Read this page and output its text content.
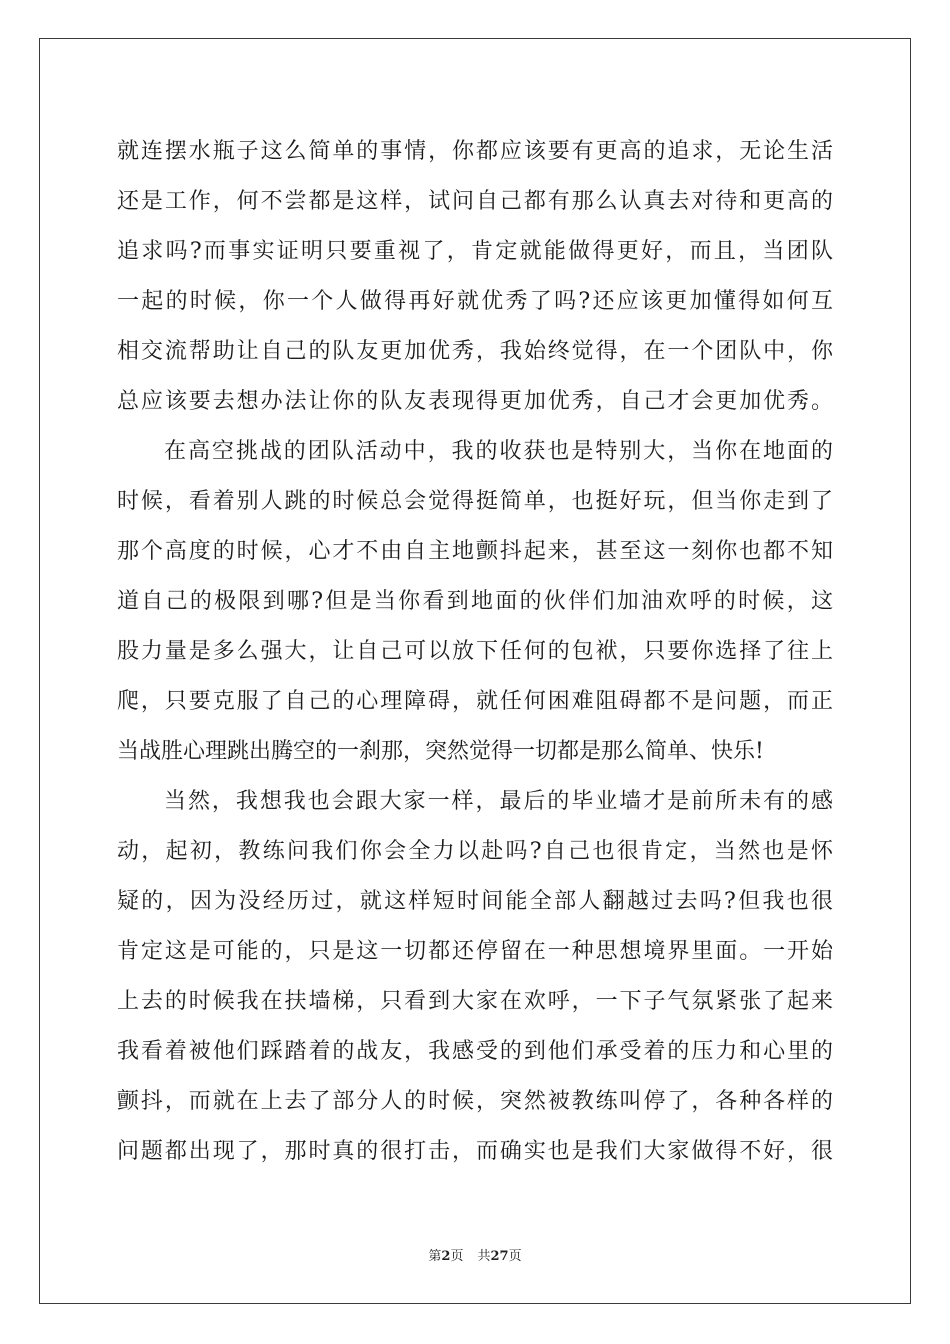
就连摆水瓶子这么简单的事情，你都应该要有更高的追求，无论生活
还是工作，何不尝都是这样，试问自己都有那么认真去对待和更高的
追求吗?而事实证明只要重视了，肯定就能做得更好，而且，当团队
一起的时候，你一个人做得再好就优秀了吗?还应该更加懂得如何互
相交流帮助让自己的队友更加优秀，我始终觉得，在一个团队中，你
总应该要去想办法让你的队友表现得更加优秀，自己才会更加优秀。
在高空挑战的团队活动中，我的收获也是特别大，当你在地面的
时候，看着别人跳的时候总会觉得挺简单，也挺好玩，但当你走到了
那个高度的时候，心才不由自主地颤抖起来，甚至这一刻你也都不知
道自己的极限到哪?但是当你看到地面的伙伴们加油欢呼的时候，这
股力量是多么强大，让自己可以放下任何的包袱，只要你选择了往上
爬，只要克服了自己的心理障碍，就任何困难阻碍都不是问题，而正
当战胜心理跳出腾空的一刹那，突然觉得一切都是那么简单、快乐!
当然，我想我也会跟大家一样，最后的毕业墙才是前所未有的感
动，起初，教练问我们你会全力以赴吗?自己也很肯定，当然也是怀
疑的，因为没经历过，就这样短时间能全部人翻越过去吗?但我也很
肯定这是可能的，只是这一切都还停留在一种思想境界里面。一开始
上去的时候我在扶墙梯，只看到大家在欢呼，一下子气氛紧张了起来
我看着被他们踩踏着的战友，我感受的到他们承受着的压力和心里的
颤抖，而就在上去了部分人的时候，突然被教练叫停了，各种各样的
问题都出现了，那时真的很打击，而确实也是我们大家做得不好，很
第2页 共27页
